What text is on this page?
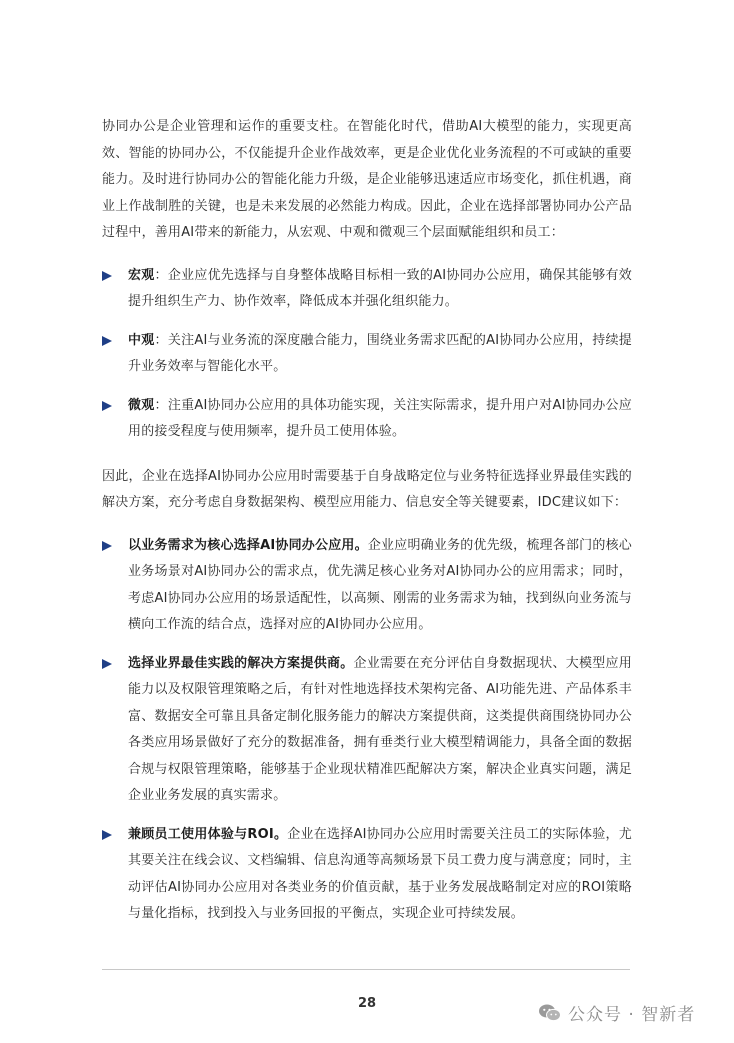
协同办公是企业管理和运作的重要支柱。在智能化时代，借助AI大模型的能力，实现更高效、智能的协同办公，不仅能提升企业作战效率，更是企业优化业务流程的不可或缺的重要能力。及时进行协同办公的智能化能力升级，是企业能够迅速适应市场变化，抓住机遇，商业上作战制胜的关键，也是未来发展的必然能力构成。因此，企业在选择部署协同办公产品过程中，善用AI带来的新能力，从宏观、中观和微观三个层面赋能组织和员工：

宏观：企业应优先选择与自身整体战略目标相一致的AI协同办公应用，确保其能够有效提升组织生产力、协作效率，降低成本并强化组织能力。
中观：关注AI与业务流的深度融合能力，围绕业务需求匹配的AI协同办公应用，持续提升业务效率与智能化水平。
微观：注重AI协同办公应用的具体功能实现，关注实际需求，提升用户对AI协同办公应用的接受程度与使用频率，提升员工使用体验。

因此，企业在选择AI协同办公应用时需要基于自身战略定位与业务特征选择业界最佳实践的解决方案，充分考虑自身数据架构、模型应用能力、信息安全等关键要素，IDC建议如下：

以业务需求为核心选择AI协同办公应用。企业应明确业务的优先级，梳理各部门的核心业务场景对AI协同办公的需求点，优先满足核心业务对AI协同办公的应用需求；同时，考虑AI协同办公应用的场景适配性，以高频、刚需的业务需求为轴，找到纵向业务流与横向工作流的结合点，选择对应的AI协同办公应用。
选择业界最佳实践的解决方案提供商。企业需要在充分评估自身数据现状、大模型应用能力以及权限管理策略之后，有针对性地选择技术架构完备、AI功能先进、产品体系丰富、数据安全可靠且具备定制化服务能力的解决方案提供商，这类提供商围绕协同办公各类应用场景做好了充分的数据准备，拥有垂类行业大模型精调能力，具备全面的数据合规与权限管理策略，能够基于企业现状精准匹配解决方案，解决企业真实问题，满足企业业务发展的真实需求。
兼顾员工使用体验与ROI。企业在选择AI协同办公应用时需要关注员工的实际体验，尤其要关注在线会议、文档编辑、信息沟通等高频场景下员工费力度与满意度；同时，主动评估AI协同办公应用对各类业务的价值贡献，基于业务发展战略制定对应的ROI策略与量化指标，找到投入与业务回报的平衡点，实现企业可持续发展。
28
公众号 · 智新者
